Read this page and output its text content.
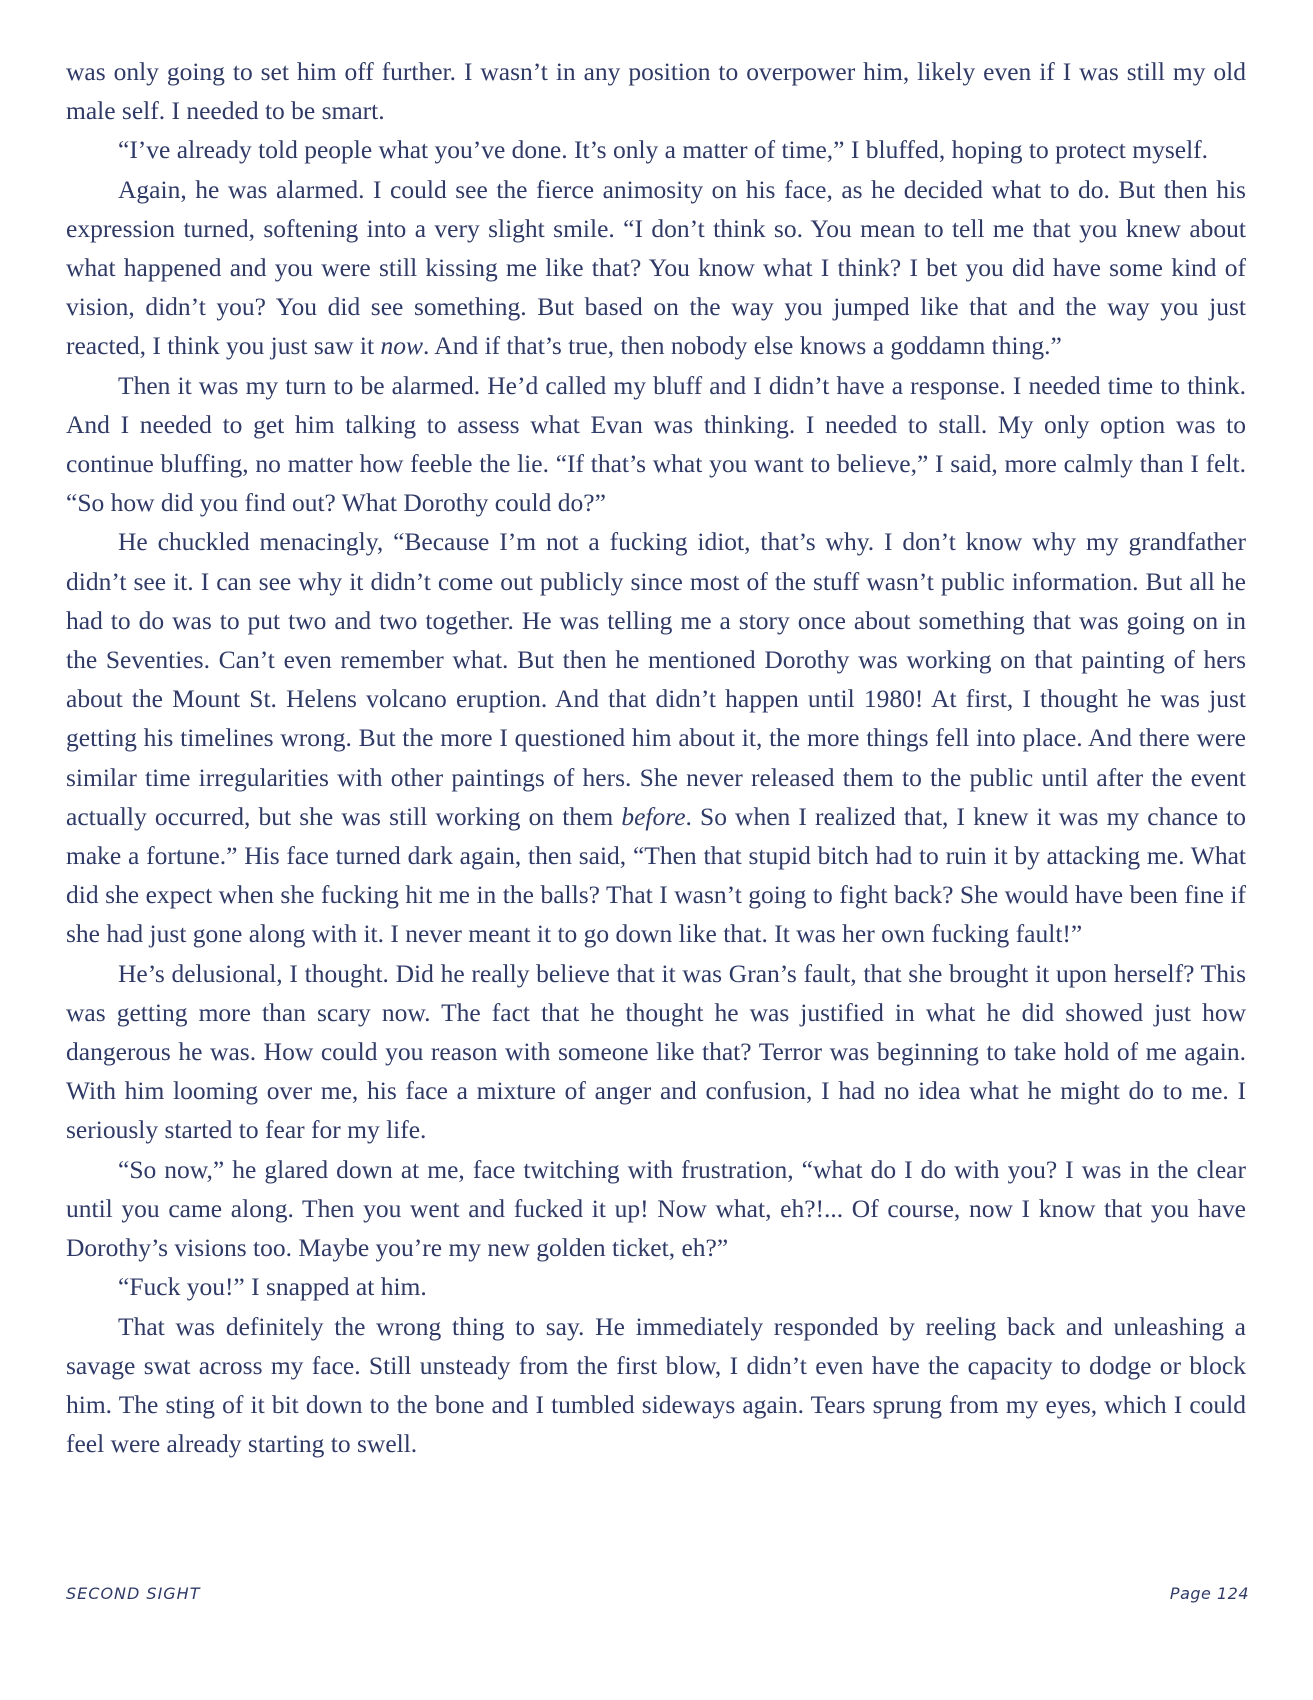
was only going to set him off further. I wasn’t in any position to overpower him, likely even if I was still my old male self. I needed to be smart.

“I’ve already told people what you’ve done. It’s only a matter of time,” I bluffed, hoping to protect myself.

Again, he was alarmed. I could see the fierce animosity on his face, as he decided what to do. But then his expression turned, softening into a very slight smile. “I don’t think so. You mean to tell me that you knew about what happened and you were still kissing me like that? You know what I think? I bet you did have some kind of vision, didn’t you? You did see something. But based on the way you jumped like that and the way you just reacted, I think you just saw it now. And if that’s true, then nobody else knows a goddamn thing.”

Then it was my turn to be alarmed. He’d called my bluff and I didn’t have a response. I needed time to think. And I needed to get him talking to assess what Evan was thinking. I needed to stall. My only option was to continue bluffing, no matter how feeble the lie. “If that’s what you want to believe,” I said, more calmly than I felt. “So how did you find out? What Dorothy could do?”

He chuckled menacingly, “Because I’m not a fucking idiot, that’s why. I don’t know why my grandfather didn’t see it. I can see why it didn’t come out publicly since most of the stuff wasn’t public information. But all he had to do was to put two and two together. He was telling me a story once about something that was going on in the Seventies. Can’t even remember what. But then he mentioned Dorothy was working on that painting of hers about the Mount St. Helens volcano eruption. And that didn’t happen until 1980! At first, I thought he was just getting his timelines wrong. But the more I questioned him about it, the more things fell into place. And there were similar time irregularities with other paintings of hers. She never released them to the public until after the event actually occurred, but she was still working on them before. So when I realized that, I knew it was my chance to make a fortune.” His face turned dark again, then said, “Then that stupid bitch had to ruin it by attacking me. What did she expect when she fucking hit me in the balls? That I wasn’t going to fight back? She would have been fine if she had just gone along with it. I never meant it to go down like that. It was her own fucking fault!”

He’s delusional, I thought. Did he really believe that it was Gran’s fault, that she brought it upon herself? This was getting more than scary now. The fact that he thought he was justified in what he did showed just how dangerous he was. How could you reason with someone like that? Terror was beginning to take hold of me again. With him looming over me, his face a mixture of anger and confusion, I had no idea what he might do to me. I seriously started to fear for my life.

“So now,” he glared down at me, face twitching with frustration, “what do I do with you? I was in the clear until you came along. Then you went and fucked it up! Now what, eh?!... Of course, now I know that you have Dorothy’s visions too. Maybe you’re my new golden ticket, eh?”

“Fuck you!” I snapped at him.

That was definitely the wrong thing to say. He immediately responded by reeling back and unleashing a savage swat across my face. Still unsteady from the first blow, I didn’t even have the capacity to dodge or block him. The sting of it bit down to the bone and I tumbled sideways again. Tears sprung from my eyes, which I could feel were already starting to swell.

SECOND SIGHT	Page 124
